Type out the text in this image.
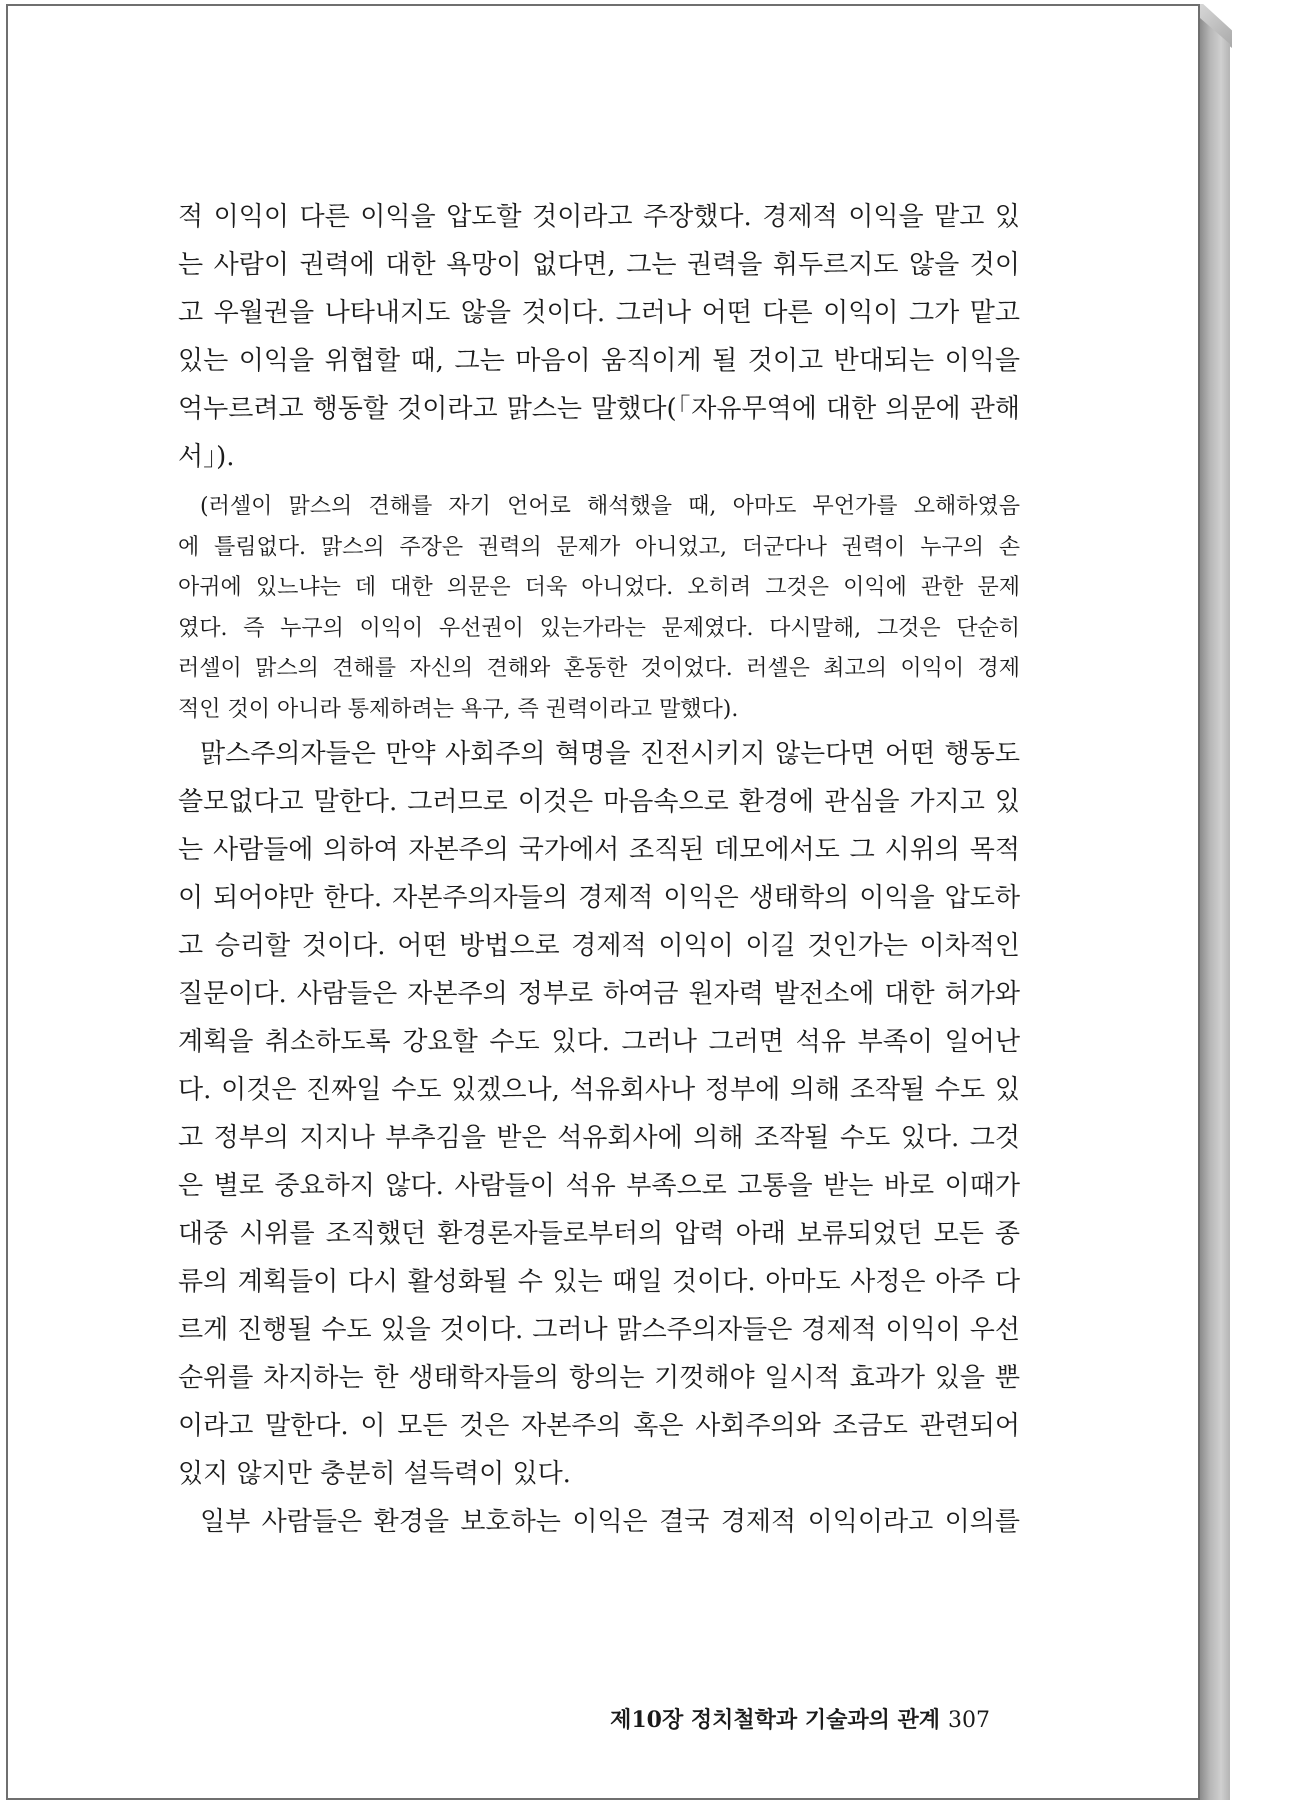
적 이익이 다른 이익을 압도할 것이라고 주장했다. 경제적 이익을 맡고 있
는 사람이 권력에 대한 욕망이 없다면, 그는 권력을 휘두르지도 않을 것이
고 우월권을 나타내지도 않을 것이다. 그러나 어떤 다른 이익이 그가 맡고
있는 이익을 위협할 때, 그는 마음이 움직이게 될 것이고 반대되는 이익을
억누르려고 행동할 것이라고 맑스는 말했다(「자유무역에 대한 의문에 관해
서」).
(러셀이 맑스의 견해를 자기 언어로 해석했을 때, 아마도 무언가를 오해하였음
에 틀림없다. 맑스의 주장은 권력의 문제가 아니었고, 더군다나 권력이 누구의 손
아귀에 있느냐는 데 대한 의문은 더욱 아니었다. 오히려 그것은 이익에 관한 문제
였다. 즉 누구의 이익이 우선권이 있는가라는 문제였다. 다시말해, 그것은 단순히
러셀이 맑스의 견해를 자신의 견해와 혼동한 것이었다. 러셀은 최고의 이익이 경제
적인 것이 아니라 통제하려는 욕구, 즉 권력이라고 말했다).
맑스주의자들은 만약 사회주의 혁명을 진전시키지 않는다면 어떤 행동도
쓸모없다고 말한다. 그러므로 이것은 마음속으로 환경에 관심을 가지고 있
는 사람들에 의하여 자본주의 국가에서 조직된 데모에서도 그 시위의 목적
이 되어야만 한다. 자본주의자들의 경제적 이익은 생태학의 이익을 압도하
고 승리할 것이다. 어떤 방법으로 경제적 이익이 이길 것인가는 이차적인
질문이다. 사람들은 자본주의 정부로 하여금 원자력 발전소에 대한 허가와
계획을 취소하도록 강요할 수도 있다. 그러나 그러면 석유 부족이 일어난
다. 이것은 진짜일 수도 있겠으나, 석유회사나 정부에 의해 조작될 수도 있
고 정부의 지지나 부추김을 받은 석유회사에 의해 조작될 수도 있다. 그것
은 별로 중요하지 않다. 사람들이 석유 부족으로 고통을 받는 바로 이때가
대중 시위를 조직했던 환경론자들로부터의 압력 아래 보류되었던 모든 종
류의 계획들이 다시 활성화될 수 있는 때일 것이다. 아마도 사정은 아주 다
르게 진행될 수도 있을 것이다. 그러나 맑스주의자들은 경제적 이익이 우선
순위를 차지하는 한 생태학자들의 항의는 기껏해야 일시적 효과가 있을 뿐
이라고 말한다. 이 모든 것은 자본주의 혹은 사회주의와 조금도 관련되어
있지 않지만 충분히 설득력이 있다.
일부 사람들은 환경을 보호하는 이익은 결국 경제적 이익이라고 이의를
제10장 정치철학과 기술과의 관계 307
